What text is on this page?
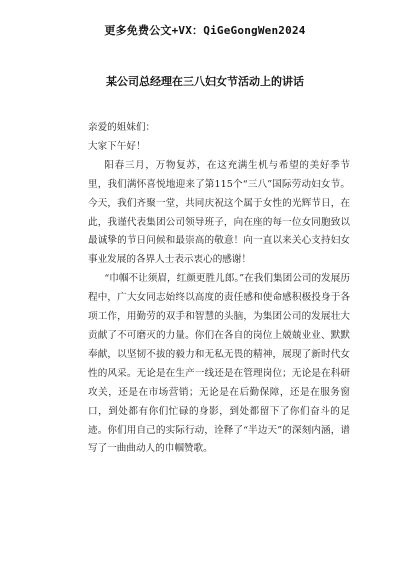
更多免费公文+VX：QiGeGongWen2024
某公司总经理在三八妇女节活动上的讲话

亲爱的姐妹们：

大家下午好！

阳春三月，万物复苏，在这充满生机与希望的美好季节里，我们满怀喜悦地迎来了第115个“三八”国际劳动妇女节。今天，我们齐聚一堂，共同庆祝这个属于女性的光辉节日，在此，我谨代表集团公司领导班子，向在座的每一位女同胞致以最诚挚的节日问候和最崇高的敬意！向一直以来关心支持妇女事业发展的各界人士表示衷心的感谢！

“巾帼不让须眉，红颜更胜儿郎。”在我们集团公司的发展历程中，广大女同志始终以高度的责任感和使命感积极投身于各项工作，用勤劳的双手和智慧的头脑，为集团公司的发展壮大贡献了不可磨灭的力量。你们在各自的岗位上兢兢业业、默默奉献，以坚韧不拔的毅力和无私无畏的精神，展现了新时代女性的风采。无论是在生产一线还是在管理岗位；无论是在科研攻关，还是在市场营销；无论是在后勤保障，还是在服务窗口，到处都有你们忙碌的身影，到处都留下了你们奋斗的足迹。你们用自己的实际行动，诠释了“半边天”的深刻内涵，谱写了一曲曲动人的巾帼赞歌。
